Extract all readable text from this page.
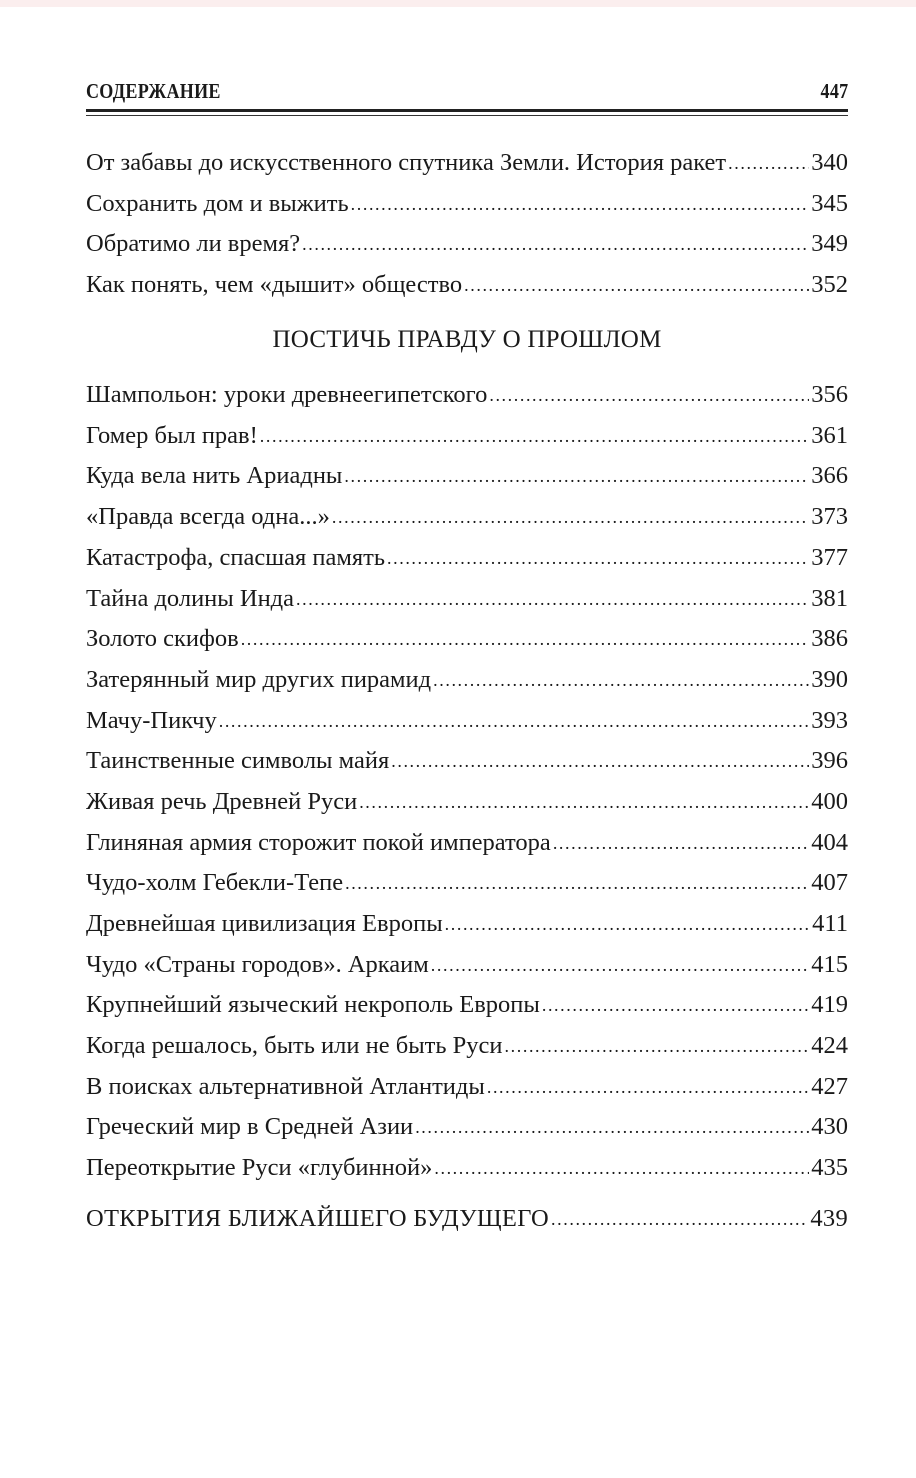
СОДЕРЖАНИЕ	447
От забавы до искусственного спутника Земли. История ракет .....	340
Сохранить дом и выжить .....	345
Обратимо ли время? .....	349
Как понять, чем «дышит» общество .....	352
ПОСТИЧЬ ПРАВДУ О ПРОШЛОМ
Шампольон: уроки древнеегипетского .....	356
Гомер был прав! .....	361
Куда вела нить Ариадны .....	366
«Правда всегда одна...» .....	373
Катастрофа, спасшая память .....	377
Тайна долины Инда .....	381
Золото скифов .....	386
Затерянный мир других пирамид .....	390
Мачу-Пикчу .....	393
Таинственные символы майя .....	396
Живая речь Древней Руси .....	400
Глиняная армия сторожит покой императора .....	404
Чудо-холм Гебекли-Тепе .....	407
Древнейшая цивилизация Европы .....	411
Чудо «Страны городов». Аркаим .....	415
Крупнейший языческий некрополь Европы .....	419
Когда решалось, быть или не быть Руси .....	424
В поисках альтернативной Атлантиды .....	427
Греческий мир в Средней Азии .....	430
Переоткрытие Руси «глубинной» .....	435
ОТКРЫТИЯ БЛИЖАЙШЕГО БУДУЩЕГО .....	439
